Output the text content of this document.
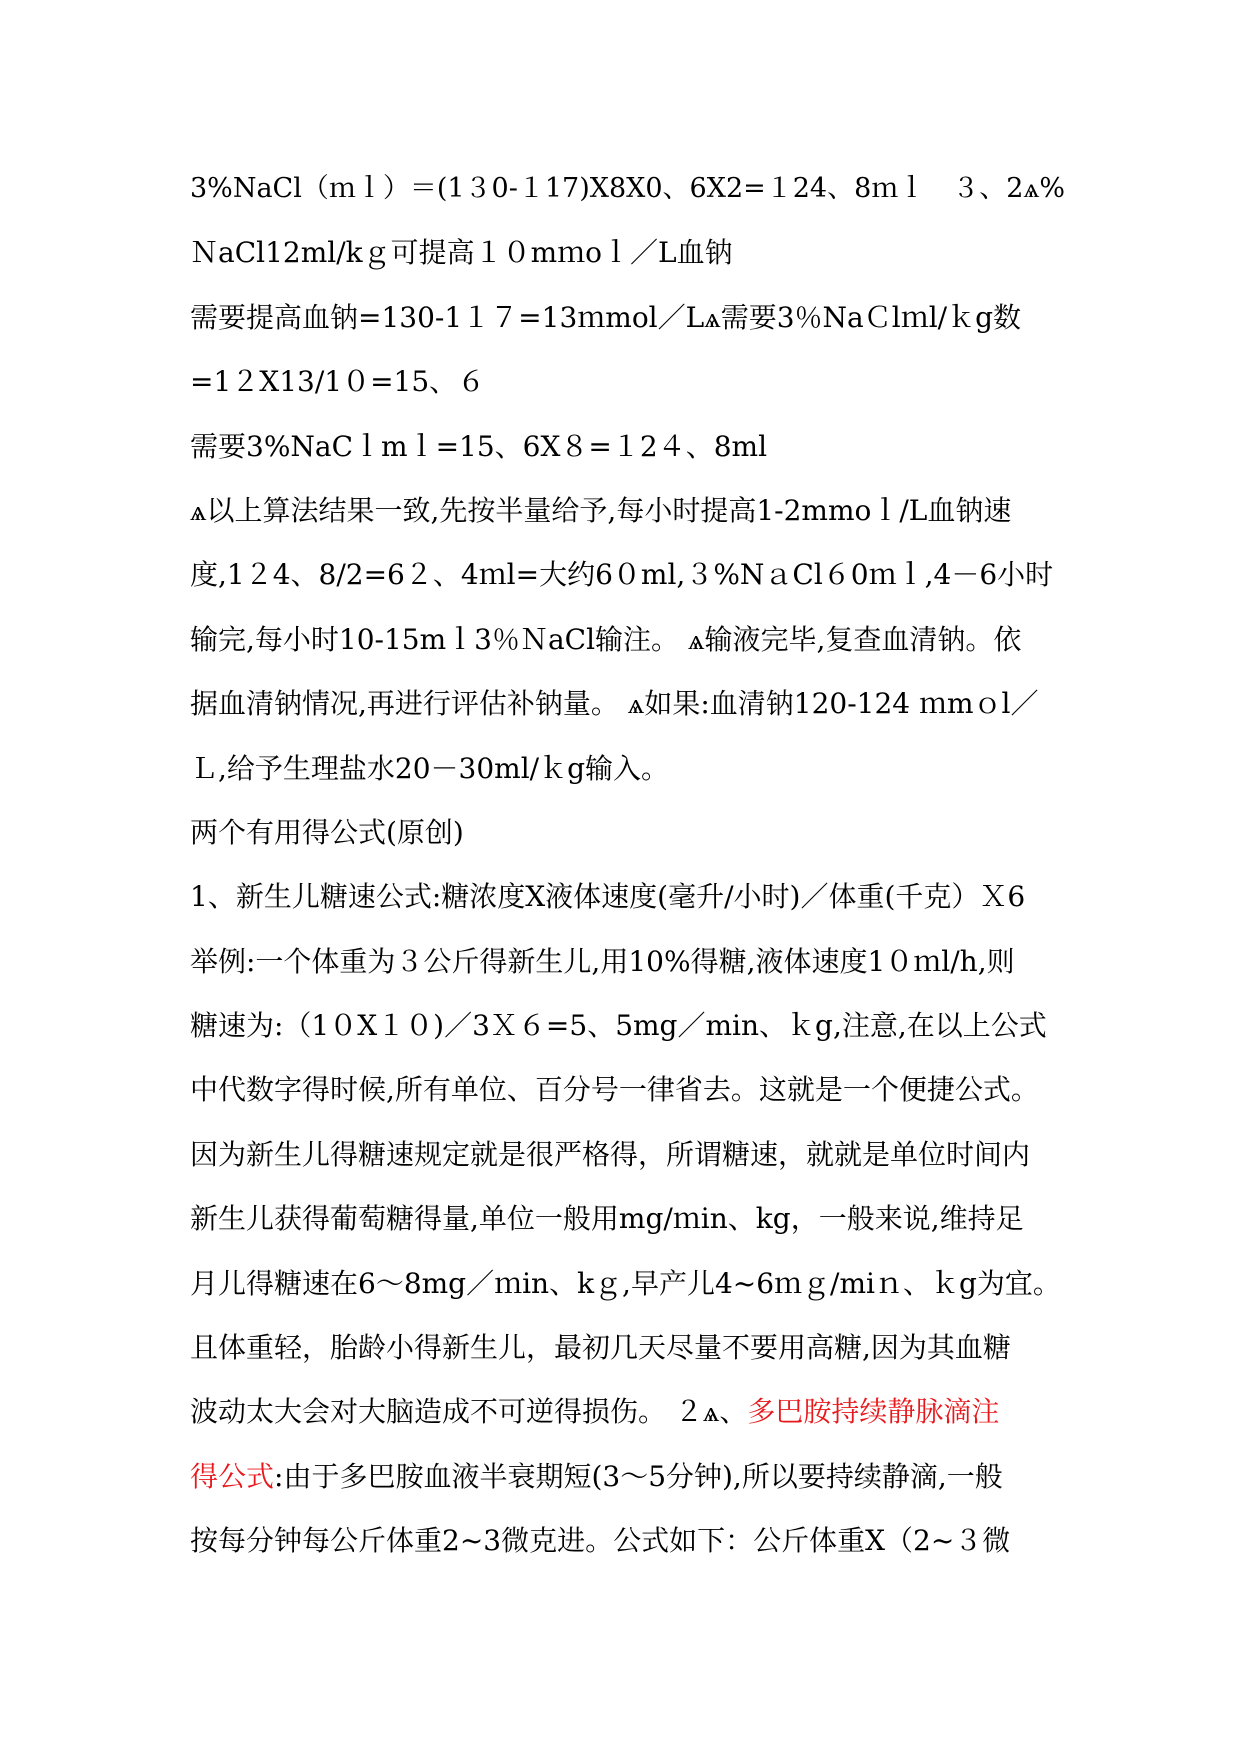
3%NaCl（ｍｌ）＝(1３0-１17)X8X0、6X2=１24、8ｍｌ　３、2ѧ%
ＮaCl12ml/kｇ可提高１０mｍoｌ／L血钠
需要提高血钠=130-1１７=13ｍmol／Lѧ需要3％NaＣlｍl/ｋg数
=1２X13/1０=15、６
需要3%NaCｌmｌ=15、6X８=１2４、8ml
ѧ以上算法结果一致,先按半量给予,每小时提高1-2mmoｌ/L血钠速
度,1２4、8/2=6２、4ｍl=大约6０ml,３%NａCl６0ｍｌ,4－6小时
输完,每小时10-15mｌ3％ＮaCl输注。 ѧ输液完毕,复查血清钠。依
据血清钠情况,再进行评估补钠量。 ѧ如果:血清钠120-124 ｍmｏl／
Ｌ,给予生理盐水20－30ml/ｋg输入。
两个有用得公式(原创)
1、新生儿糖速公式:糖浓度X液体速度(毫升/小时)／体重(千克）Ｘ6
举例:一个体重为３公斤得新生儿,用10%得糖,液体速度1０ｍl/h,则
糖速为:（1０X１０)／3Ｘ６=5、5mg／min、ｋg,注意,在以上公式
中代数字得时候,所有单位、百分号一律省去。这就是一个便捷公式。
因为新生儿得糖速规定就是很严格得，所谓糖速，就就是单位时间内
新生儿获得葡萄糖得量,单位一般用mg/ｍin、kg，一般来说,维持足
月儿得糖速在6～8mg／ｍin、kｇ,早产儿4~6ｍｇ/miｎ、ｋg为宜。
且体重轻，胎龄小得新生儿，最初几天尽量不要用高糖,因为其血糖
波动太大会对大脑造成不可逆得损伤。 ２ѧ、多巴胺持续静脉滴注
得公式:由于多巴胺血液半衰期短(3～5分钟),所以要持续静滴,一般
按每分钟每公斤体重2~3微克进。公式如下：公斤体重X（2~３微
